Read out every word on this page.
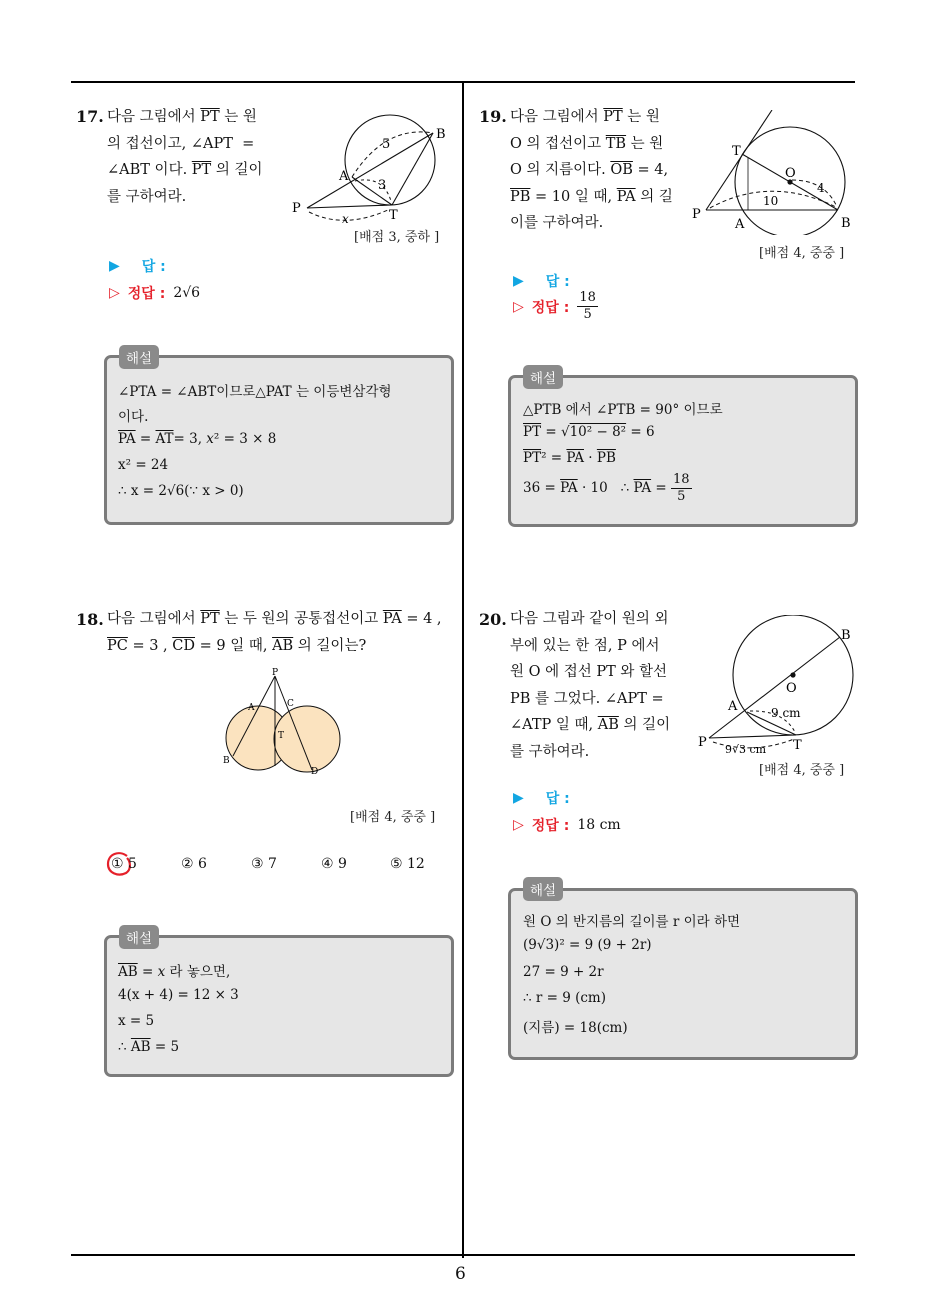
6
17. 다음 그림에서 $\overline{PT}$ 는 원
의 접선이고, ∠APT  =
∠ABT 이다. $\overline{PT}$ 의 길이
를 구하여라.
B
A
P	T
5
3
x
[배점 3, 중하 ]
▶ 답 :
▷ 정답 : 2√6
해설
∠PTA = ∠ABT이므로△PAT 는 이등변삼각형
이다.
$\overline{PA} = \overline{AT}= 3$, x² = 3 × 8
x² = 24
∴ x = 2√6(∵ x > 0)
18. 다음 그림에서 $\overline{PT}$ 는 두 원의 공통접선이고 $\overline{PA} = 4$ ,
$\overline{PC} = 3$ , $\overline{CD} = 9$ 일 때, $\overline{AB}$ 의 길이는?
P
A	C
T
B
D
[배점 4, 중중 ]
① 5	② 6	③ 7	④ 9	⑤ 12
해설
$\overline{AB} = x$ 라 놓으면,
4(x + 4) = 12 × 3
x = 5
∴ $\overline{AB} = 5$
19. 다음 그림에서 $\overline{PT}$ 는 원
O 의 접선이고 $\overline{TB}$ 는 원
O 의 지름이다. $\overline{OB} = 4$,
$\overline{PB} = 10$ 일 때, $\overline{PA}$ 의 길
이를 구하여라.
T
O
4
10
P
A	B
[배점 4, 중중 ]
▶ 답 :
▷ 정답 : $\frac{18}{5}$
해설
△PTB 에서 ∠PTB = 90° 이므로
$\overline{PT} = √10^2 - 8^2 = 6$
$\overline{PT}^2 = \overline{PA} \cdot \overline{PB}$
$36 = \overline{PA} \cdot 10$   ∴ $\overline{PA} = \frac{18}{5}$
20. 다음 그림과 같이 원의 외
부에 있는 한 점, P 에서
원 O 에 접선 PT 와 할선
PB 를 그었다. ∠APT =
∠ATP 일 때, $\overline{AB}$ 의 길이
를 구하여라.
B
O
A
P	T
9 cm
9√3 cm
[배점 4, 중중 ]
▶ 답 :
▷ 정답 : 18 cm
해설
원 O 의 반지름의 길이를 r 이라 하면
(9√3)² = 9 (9 + 2r)
27 = 9 + 2r
∴ r = 9 (cm)
(지름) = 18(cm)
